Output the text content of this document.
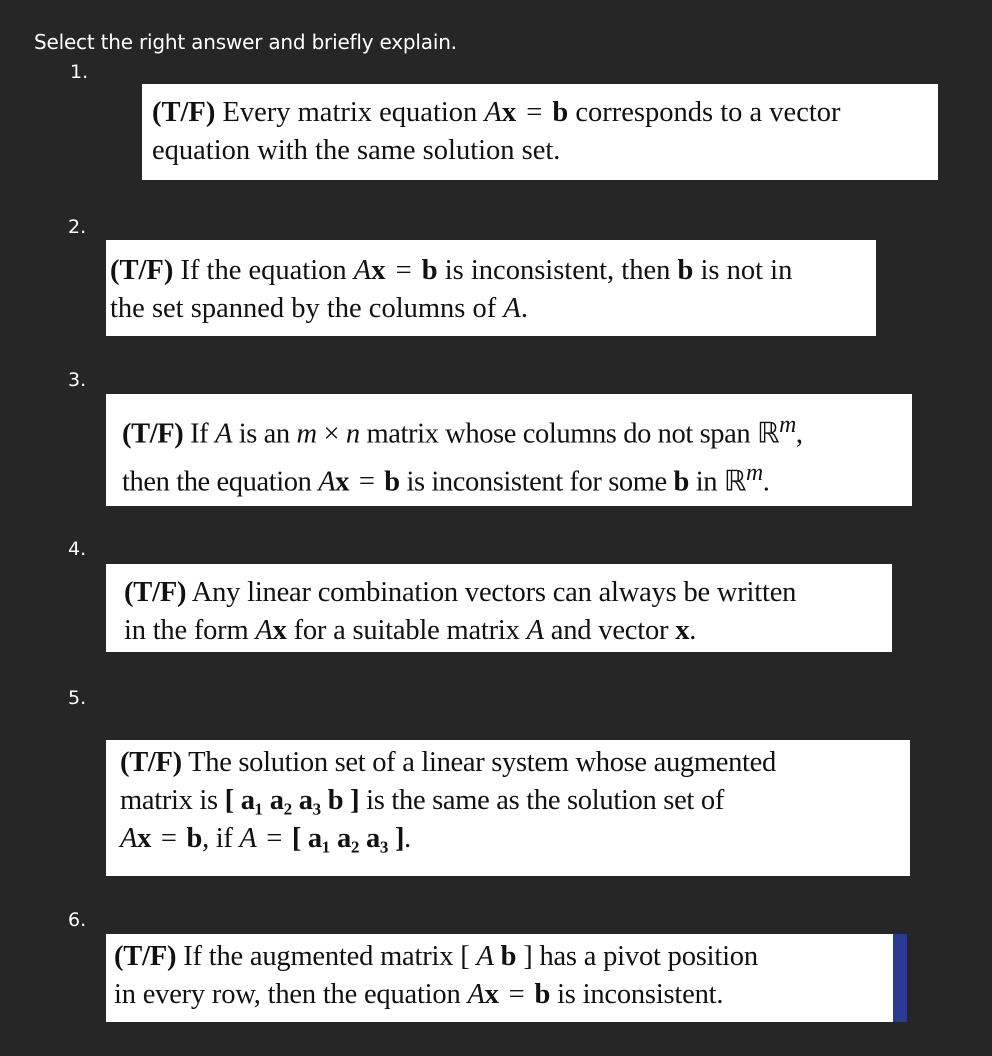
Select the right answer and briefly explain.
1.
(T/F) Every matrix equation Ax = b corresponds to a vector
equation with the same solution set.
2.
(T/F) If the equation Ax = b is inconsistent, then b is not in
the set spanned by the columns of A.
3.
(T/F) If A is an m × n matrix whose columns do not span ℝ$^m$,
then the equation Ax = b is inconsistent for some b in ℝ$^m$.
4.
(T/F) Any linear combination vectors can always be written
in the form Ax for a suitable matrix A and vector x.
5.
(T/F) The solution set of a linear system whose augmented
matrix is [ a₁ a₂ a₃ b ] is the same as the solution set of
Ax = b, if A = [ a₁ a₂ a₃ ].
6.
(T/F) If the augmented matrix [ A b ] has a pivot position
in every row, then the equation Ax = b is inconsistent.
